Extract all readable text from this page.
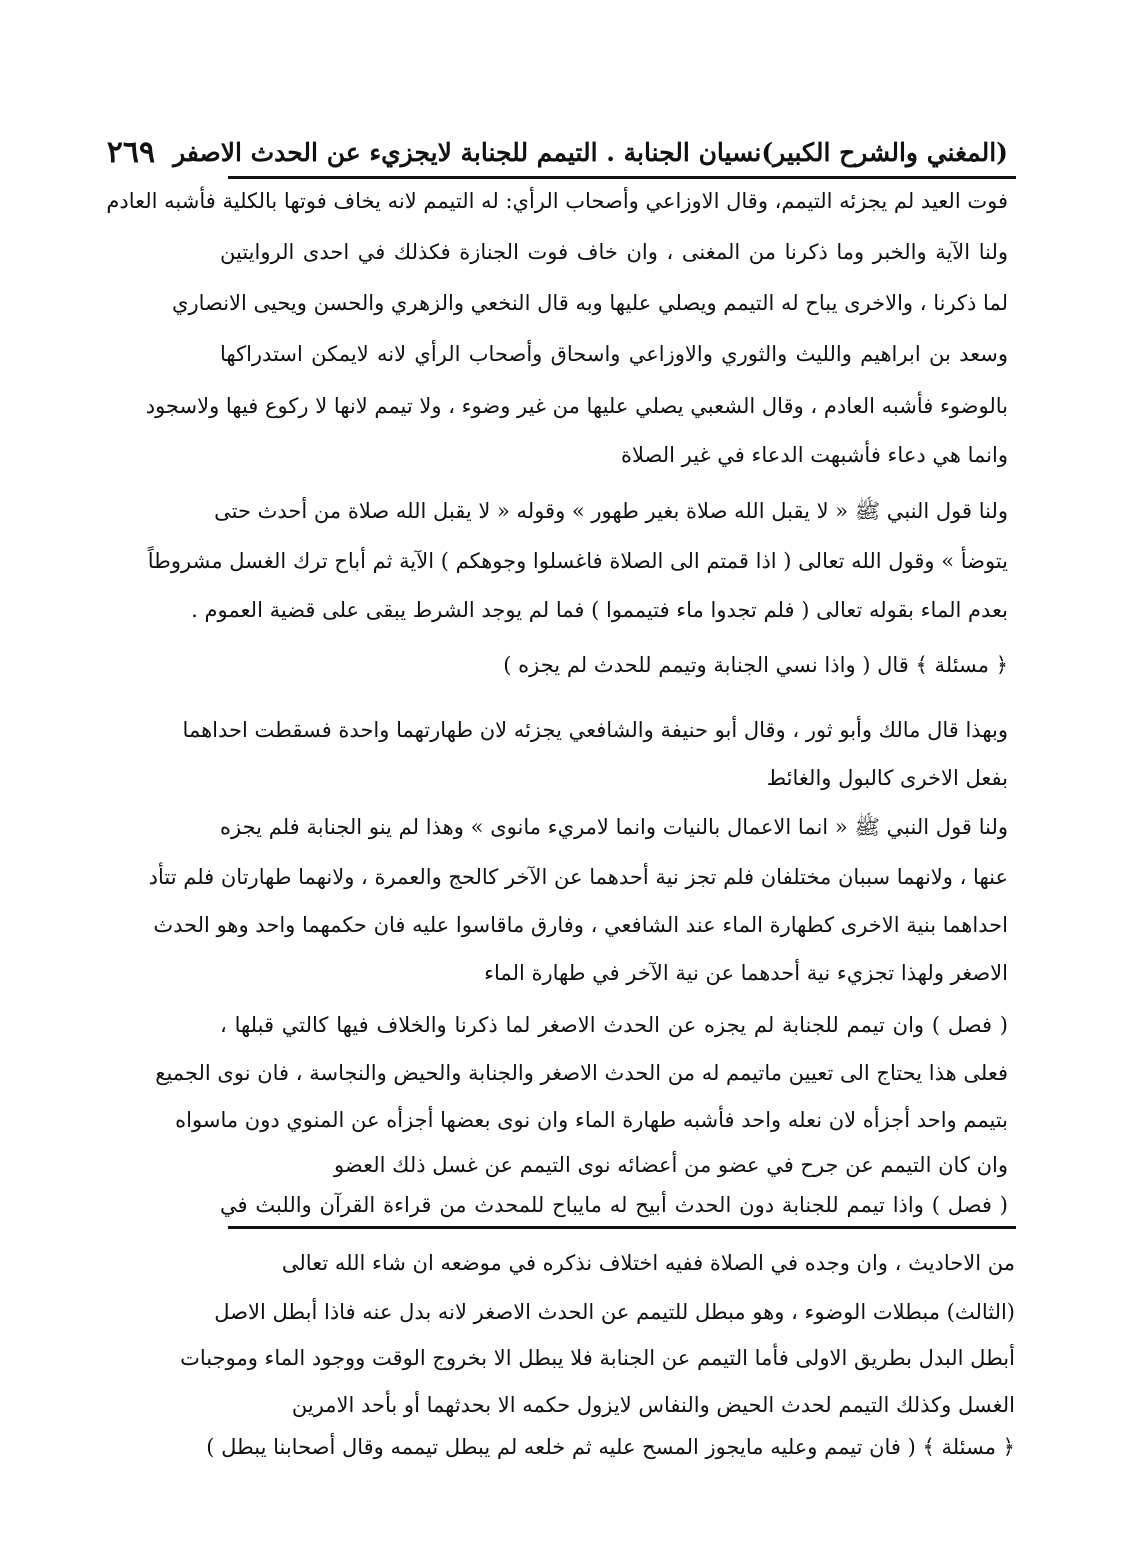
(المغني والشرح الكبير)
نسيان الجنابة . التيمم للجنابة لايجزيء عن الحدث الاصفر
٢٦٩
فوت العيد لم يجزئه التيمم، وقال الاوزاعي وأصحاب الرأي: له التيمم لانه يخاف فوتها بالكلية فأشبه العادم
ولنا الآية والخبر وما ذكرنا من المغنى ، وان خاف فوت الجنازة فكذلك في احدى الروايتين
لما ذكرنا ، والاخرى يباح له التيمم ويصلي عليها وبه قال النخعي والزهري والحسن ويحيى الانصاري
وسعد بن ابراهيم والليث والثوري والاوزاعي واسحاق وأصحاب الرأي لانه لايمكن استدراكها
بالوضوء فأشبه العادم ، وقال الشعبي يصلي عليها من غير وضوء ، ولا تيمم لانها لا ركوع فيها ولاسجود
وانما هي دعاء فأشبهت الدعاء في غير الصلاة
ولنا قول النبي ﷺ « لا يقبل الله صلاة بغير طهور » وقوله « لا يقبل الله صلاة من أحدث حتى
يتوضأ » وقول الله تعالى ( اذا قمتم الى الصلاة فاغسلوا وجوهكم ) الآية ثم أباح ترك الغسل مشروطاً
بعدم الماء بقوله تعالى ( فلم تجدوا ماء فتيمموا ) فما لم يوجد الشرط يبقى على قضية العموم .
﴿ مسئلة ﴾ قال ( واذا نسي الجنابة وتيمم للحدث لم يجزه )
وبهذا قال مالك وأبو ثور ، وقال أبو حنيفة والشافعي يجزئه لان طهارتهما واحدة فسقطت احداهما
بفعل الاخرى كالبول والغائط
ولنا قول النبي ﷺ « انما الاعمال بالنيات وانما لامريء مانوى » وهذا لم ينو الجنابة فلم يجزه
عنها ، ولانهما سببان مختلفان فلم تجز نية أحدهما عن الآخر كالحج والعمرة ، ولانهما طهارتان فلم تتأد
احداهما بنية الاخرى كطهارة الماء عند الشافعي ، وفارق ماقاسوا عليه فان حكمهما واحد وهو الحدث
الاصغر ولهذا تجزيء نية أحدهما عن نية الآخر في طهارة الماء
( فصل ) وان تيمم للجنابة لم يجزه عن الحدث الاصغر لما ذكرنا والخلاف فيها كالتي قبلها ،
فعلى هذا يحتاج الى تعيين ماتيمم له من الحدث الاصغر والجنابة والحيض والنجاسة ، فان نوى الجميع
بتيمم واحد أجزأه لان نعله واحد فأشبه طهارة الماء وان نوى بعضها أجزأه عن المنوي دون ماسواه
وان كان التيمم عن جرح في عضو من أعضائه نوى التيمم عن غسل ذلك العضو
( فصل ) واذا تيمم للجنابة دون الحدث أبيح له مايباح للمحدث من قراءة القرآن واللبث في
من الاحاديث ، وان وجده في الصلاة ففيه اختلاف نذكره في موضعه ان شاء الله تعالى
(الثالث) مبطلات الوضوء ، وهو مبطل للتيمم عن الحدث الاصغر لانه بدل عنه فاذا أبطل الاصل
أبطل البدل بطريق الاولى فأما التيمم عن الجنابة فلا يبطل الا بخروج الوقت ووجود الماء وموجبات
الغسل وكذلك التيمم لحدث الحيض والنفاس لايزول حكمه الا بحدثهما أو بأحد الامرين
﴿ مسئلة ﴾ ( فان تيمم وعليه مايجوز المسح عليه ثم خلعه لم يبطل تيممه وقال أصحابنا يبطل )
